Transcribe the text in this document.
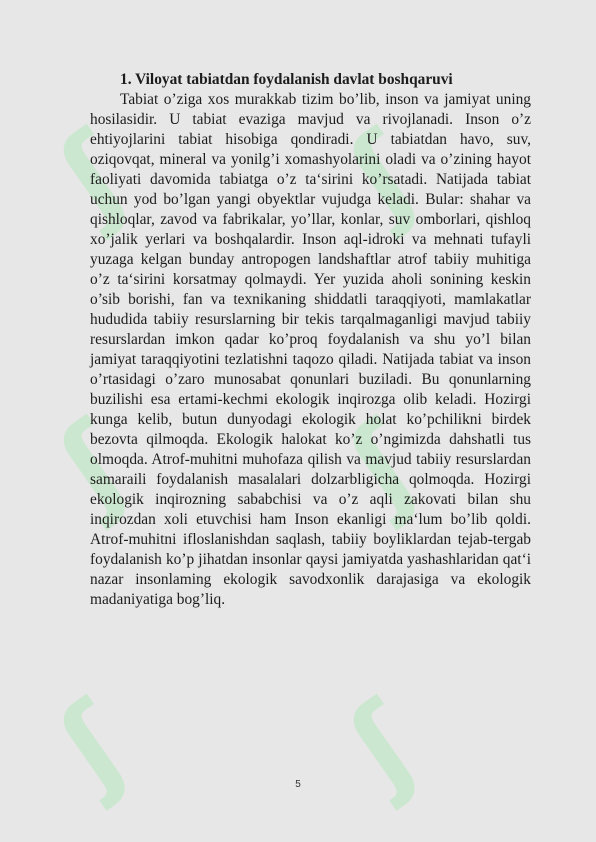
ʃ ʃ
ʃ ʃ
ʃ ʃ

1. Viloyat tabiatdan foydalanish davlat boshqaruvi

Tabiat o’ziga xos murakkab tizim bo’lib, inson va jamiyat uning hosilasidir. U tabiat evaziga mavjud va rivojlanadi. Inson o’z ehtiyojlarini tabiat hisobiga qondiradi. U tabiatdan havo, suv, oziqovqat, mineral va yonilg’i xomashyolarini oladi va o’zining hayot faoliyati davomida tabiatga o’z ta‘sirini ko’rsatadi. Natijada tabiat uchun yod bo’lgan yangi obyektlar vujudga keladi. Bular: shahar va qishloqlar, zavod va fabrikalar, yo’llar, konlar, suv omborlari, qishloq xo’jalik yerlari va boshqalardir. Inson aql-idroki va mehnati tufayli yuzaga kelgan bunday antropogen landshaftlar atrof tabiiy muhitiga o’z ta‘sirini korsatmay qolmaydi. Yer yuzida aholi sonining keskin o’sib borishi, fan va texnikaning shiddatli taraqqiyoti, mamlakatlar hududida tabiiy resurslarning bir tekis tarqalmaganligi mavjud tabiiy resurslardan imkon qadar ko’proq foydalanish va shu yo’l bilan jamiyat taraqqiyotini tezlatishni taqozo qiladi. Natijada tabiat va inson o’rtasidagi o’zaro munosabat qonunlari buziladi. Bu qonunlarning buzilishi esa ertami-kechmi ekologik inqirozga olib keladi. Hozirgi kunga kelib, butun dunyodagi ekologik holat ko’pchilikni birdek bezovta qilmoqda. Ekologik halokat ko’z o’ngimizda dahshatli tus olmoqda. Atrof-muhitni muhofaza qilish va mavjud tabiiy resurslardan samaraili foydalanish masalalari dolzarbligicha qolmoqda. Hozirgi ekologik inqirozning sababchisi va o’z aqli zakovati bilan shu inqirozdan xoli etuvchisi ham Inson ekanligi ma‘lum bo’lib qoldi. Atrof-muhitni ifloslanishdan saqlash, tabiiy boyliklardan tejab-tergab foydalanish ko’p jihatdan insonlar qaysi jamiyatda yashashlaridan qat‘i nazar insonlaming ekologik savodxonlik darajasiga va ekologik madaniyatiga bog’liq.

5
